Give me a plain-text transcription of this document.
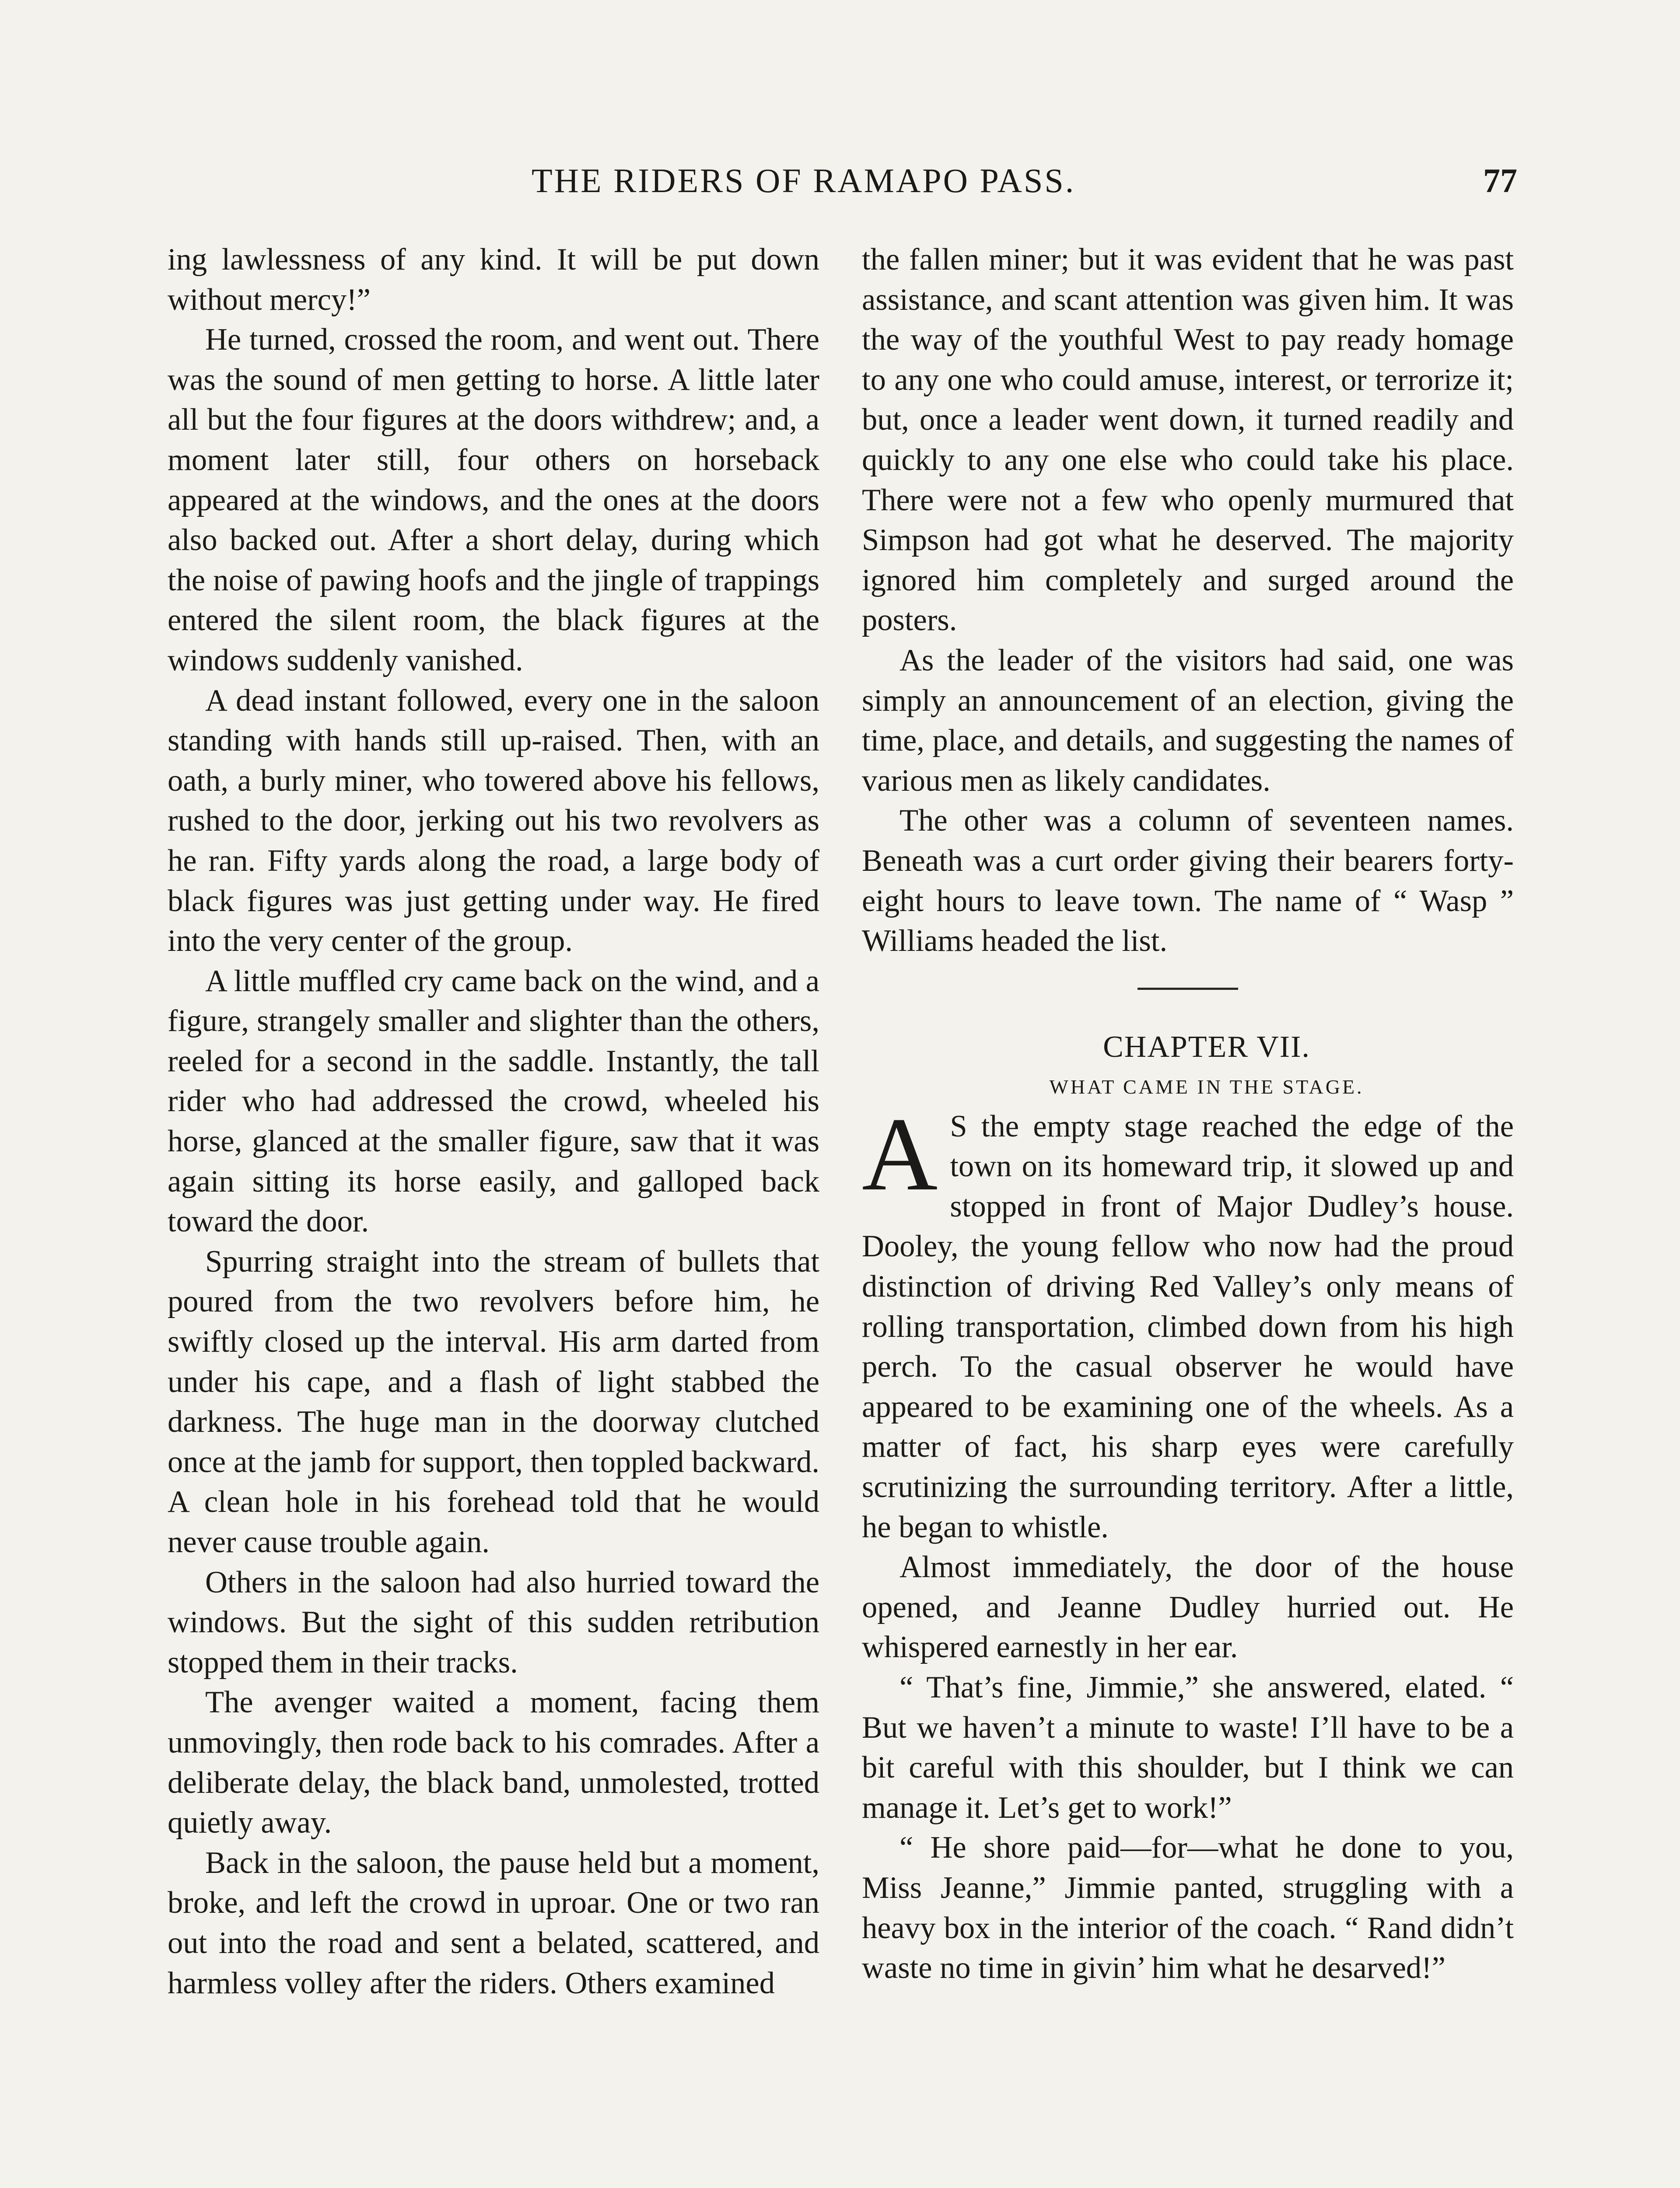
THE RIDERS OF RAMAPO PASS.	77

ing lawlessness of any kind. It will be put down without mercy!”

He turned, crossed the room, and went out. There was the sound of men getting to horse. A little later all but the four figures at the doors withdrew; and, a moment later still, four others on horseback appeared at the windows, and the ones at the doors also backed out. After a short delay, during which the noise of pawing hoofs and the jingle of trappings entered the silent room, the black figures at the windows suddenly vanished.

A dead instant followed, every one in the saloon standing with hands still up-raised. Then, with an oath, a burly miner, who towered above his fellows, rushed to the door, jerking out his two revolvers as he ran. Fifty yards along the road, a large body of black figures was just getting under way. He fired into the very center of the group.

A little muffled cry came back on the wind, and a figure, strangely smaller and slighter than the others, reeled for a second in the saddle. Instantly, the tall rider who had addressed the crowd, wheeled his horse, glanced at the smaller figure, saw that it was again sitting its horse easily, and galloped back toward the door.

Spurring straight into the stream of bullets that poured from the two revolvers before him, he swiftly closed up the interval. His arm darted from under his cape, and a flash of light stabbed the darkness. The huge man in the doorway clutched once at the jamb for support, then toppled backward. A clean hole in his forehead told that he would never cause trouble again.

Others in the saloon had also hurried toward the windows. But the sight of this sudden retribution stopped them in their tracks.

The avenger waited a moment, facing them unmovingly, then rode back to his comrades. After a deliberate delay, the black band, unmolested, trotted quietly away.

Back in the saloon, the pause held but a moment, broke, and left the crowd in uproar. One or two ran out into the road and sent a belated, scattered, and harmless volley after the riders. Others examined

the fallen miner; but it was evident that he was past assistance, and scant attention was given him. It was the way of the youthful West to pay ready homage to any one who could amuse, interest, or terrorize it; but, once a leader went down, it turned readily and quickly to any one else who could take his place. There were not a few who openly murmured that Simpson had got what he deserved. The majority ignored him completely and surged around the posters.

As the leader of the visitors had said, one was simply an announcement of an election, giving the time, place, and details, and suggesting the names of various men as likely candidates.

The other was a column of seventeen names. Beneath was a curt order giving their bearers forty-eight hours to leave town. The name of “ Wasp ” Williams headed the list.

CHAPTER VII.

WHAT CAME IN THE STAGE.

A S the empty stage reached the edge of the town on its homeward trip, it slowed up and stopped in front of Major Dudley’s house. Dooley, the young fellow who now had the proud distinction of driving Red Valley’s only means of rolling transportation, climbed down from his high perch. To the casual observer he would have appeared to be examining one of the wheels. As a matter of fact, his sharp eyes were carefully scrutinizing the surrounding territory. After a little, he began to whistle.

Almost immediately, the door of the house opened, and Jeanne Dudley hurried out. He whispered earnestly in her ear.

“ That’s fine, Jimmie,” she answered, elated. “ But we haven’t a minute to waste! I’ll have to be a bit careful with this shoulder, but I think we can manage it. Let’s get to work!”

“ He shore paid—for—what he done to you, Miss Jeanne,” Jimmie panted, struggling with a heavy box in the interior of the coach. “ Rand didn’t waste no time in givin’ him what he desarved!”
